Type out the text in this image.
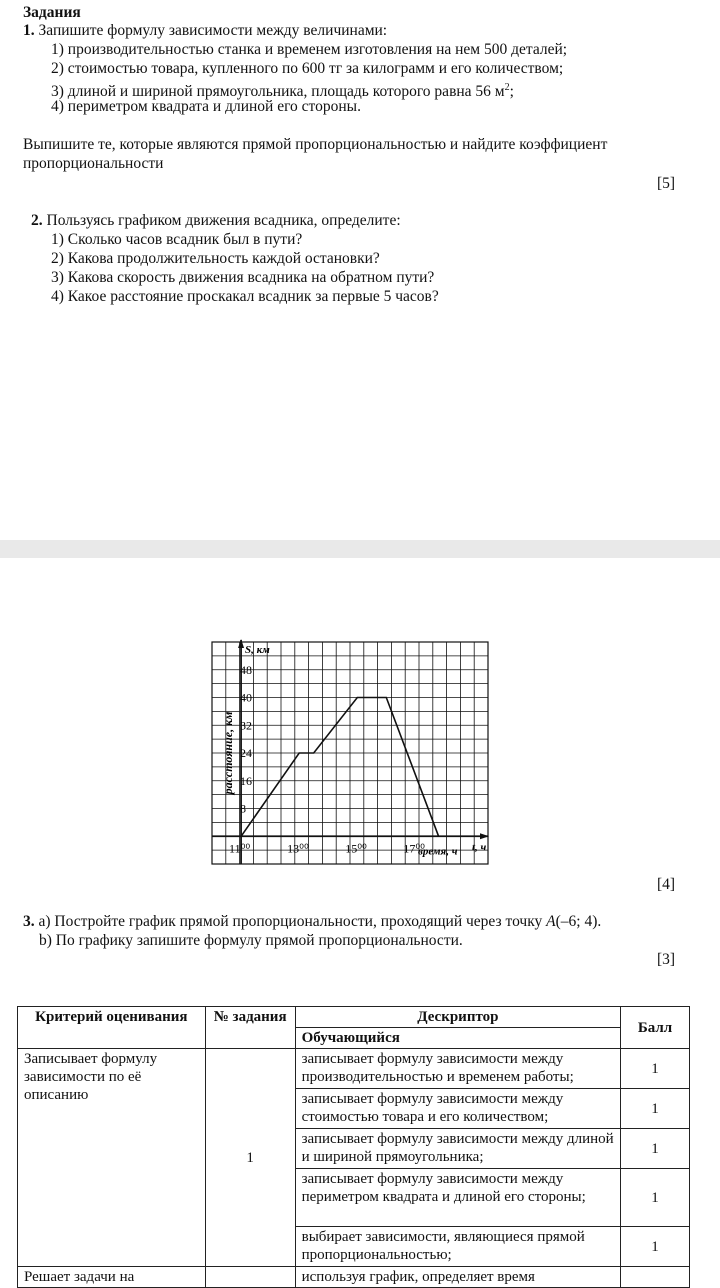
Задания
1. Запишите формулу зависимости между величинами:
1) производительностью станка и временем изготовления на нем 500 деталей;
2) стоимостью товара, купленного по 600 тг за килограмм и его количеством;
3) длиной и шириной прямоугольника, площадь которого равна 56 $м^2$;
4) периметром квадрата и длиной его стороны.
Выпишите те, которые являются прямой пропорциональностью и найдите коэффициент
пропорциональности
[5]
2. Пользуясь графиком движения всадника, определите:
1) Сколько часов всадник был в пути?
2) Какова продолжительность каждой остановки?
3) Какова скорость движения всадника на обратном пути?
4) Какое расстояние проскакал всадник за первые 5 часов?
8
16
24
32
40
48
11⁰⁰	13⁰⁰	15⁰⁰	17⁰⁰
S, км
t, ч
время, ч
расстояние, км
[4]
3. а) Постройте график прямой пропорциональности, проходящий через точку А(–6; 4).
b) По графику запишите формулу прямой пропорциональности.
[3]
Критерий оценивания	№ задания	Дескриптор	Балл
		Обучающийся	
Записывает формулу зависимости по её описанию	1	записывает формулу зависимости между производительностью и временем работы;	1
		записывает формулу зависимости между стоимостью товара и его количеством;	1
		записывает формулу зависимости между длиной и шириной прямоугольника;	1
		записывает формулу зависимости между периметром квадрата и длиной его стороны;	1
		выбирает зависимости, являющиеся прямой пропорциональностью;	1
Решает задачи на		используя график, определяет время	
